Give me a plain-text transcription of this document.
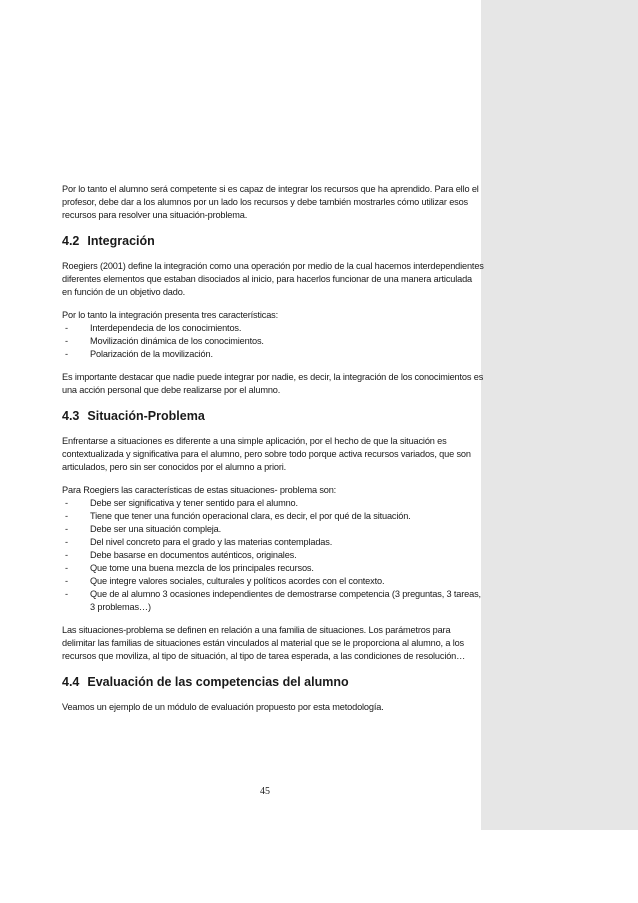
Por lo tanto el alumno será competente si es capaz de integrar los recursos que ha aprendido. Para ello el profesor, debe dar a los alumnos por un lado los recursos y debe también mostrarles cómo utilizar esos recursos para resolver una situación-problema.

4.2 Integración

Roegiers (2001) define la integración como una operación por medio de la cual hacemos interdependientes diferentes elementos que estaban disociados al inicio, para hacerlos funcionar de una manera articulada en función de un objetivo dado.

Por lo tanto la integración presenta tres características:

- Interdependecia de los conocimientos.
- Movilización dinámica de los conocimientos.
- Polarización de la movilización.

Es importante destacar que nadie puede integrar por nadie, es decir, la integración de los conocimientos es una acción personal que debe realizarse por el alumno.

4.3 Situación-Problema

Enfrentarse a situaciones es diferente a una simple aplicación, por el hecho de que la situación es contextualizada y significativa para el alumno, pero sobre todo porque activa recursos variados, que son articulados, pero sin ser conocidos por el alumno a priori.

Para Roegiers las características de estas situaciones- problema son:

- Debe ser significativa y tener sentido para el alumno.
- Tiene que tener una función operacional clara, es decir, el por qué de la situación.
- Debe ser una situación compleja.
- Del nivel concreto para el grado y las materias contempladas.
- Debe basarse en documentos auténticos, originales.
- Que tome una buena mezcla de los principales recursos.
- Que integre valores sociales, culturales y políticos acordes con el contexto.
- Que de al alumno 3 ocasiones independientes de demostrarse competencia (3 preguntas, 3 tareas, 3 problemas…)

Las situaciones-problema se definen en relación a una familia de situaciones. Los parámetros para delimitar las familias de situaciones están vinculados al material que se le proporciona al alumno, a los recursos que moviliza, al tipo de situación, al tipo de tarea esperada, a las condiciones de resolución…

4.4 Evaluación de las competencias del alumno

Veamos un ejemplo de un módulo de evaluación propuesto por esta metodología.

45
